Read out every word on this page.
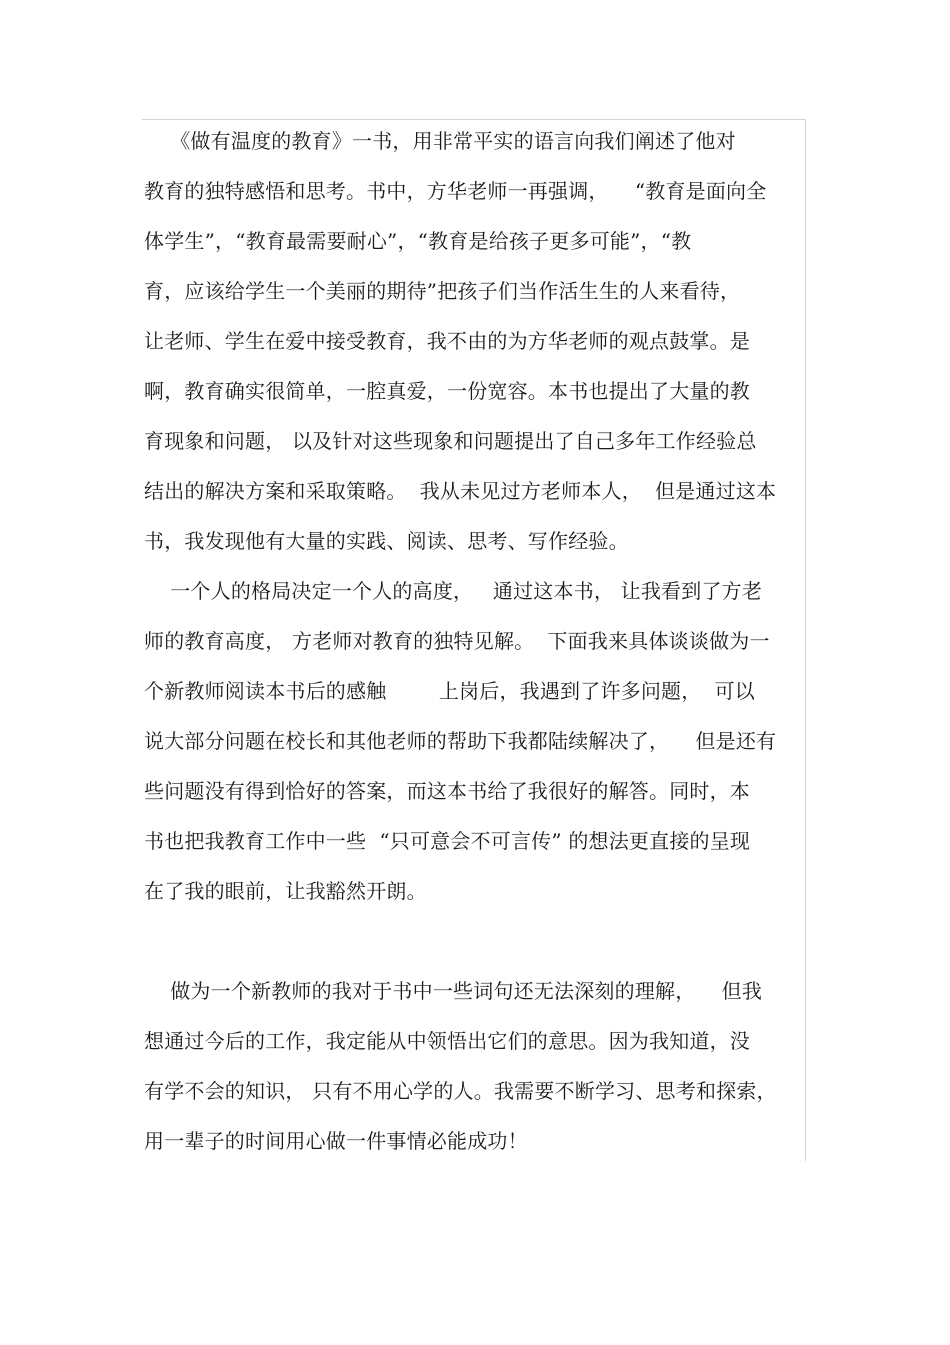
《做有温度的教育》一书，用非常平实的语言向我们阐述了他对
教育的独特感悟和思考。书中，方华老师一再强调，    “教育是面向全
体学生”，“教育最需要耐心”，“教育是给孩子更多可能”，“教
育，应该给学生一个美丽的期待”把孩子们当作活生生的人来看待，
让老师、学生在爱中接受教育，我不由的为方华老师的观点鼓掌。是
啊，教育确实很简单，一腔真爱，一份宽容。本书也提出了大量的教
育现象和问题， 以及针对这些现象和问题提出了自己多年工作经验总
结出的解决方案和采取策略。  我从未见过方老师本人，  但是通过这本
书，我发现他有大量的实践、阅读、思考、写作经验。
一个人的格局决定一个人的高度，   通过这本书， 让我看到了方老
师的教育高度， 方老师对教育的独特见解。  下面我来具体谈谈做为一
个新教师阅读本书后的感触        上岗后，我遇到了许多问题，  可以
说大部分问题在校长和其他老师的帮助下我都陆续解决了，    但是还有
些问题没有得到恰好的答案，而这本书给了我很好的解答。同时，本
书也把我教育工作中一些  “只可意会不可言传” 的想法更直接的呈现
在了我的眼前，让我豁然开朗。
做为一个新教师的我对于书中一些词句还无法深刻的理解，    但我
想通过今后的工作，我定能从中领悟出它们的意思。因为我知道，没
有学不会的知识， 只有不用心学的人。我需要不断学习、思考和探索，
用一辈子的时间用心做一件事情必能成功！
